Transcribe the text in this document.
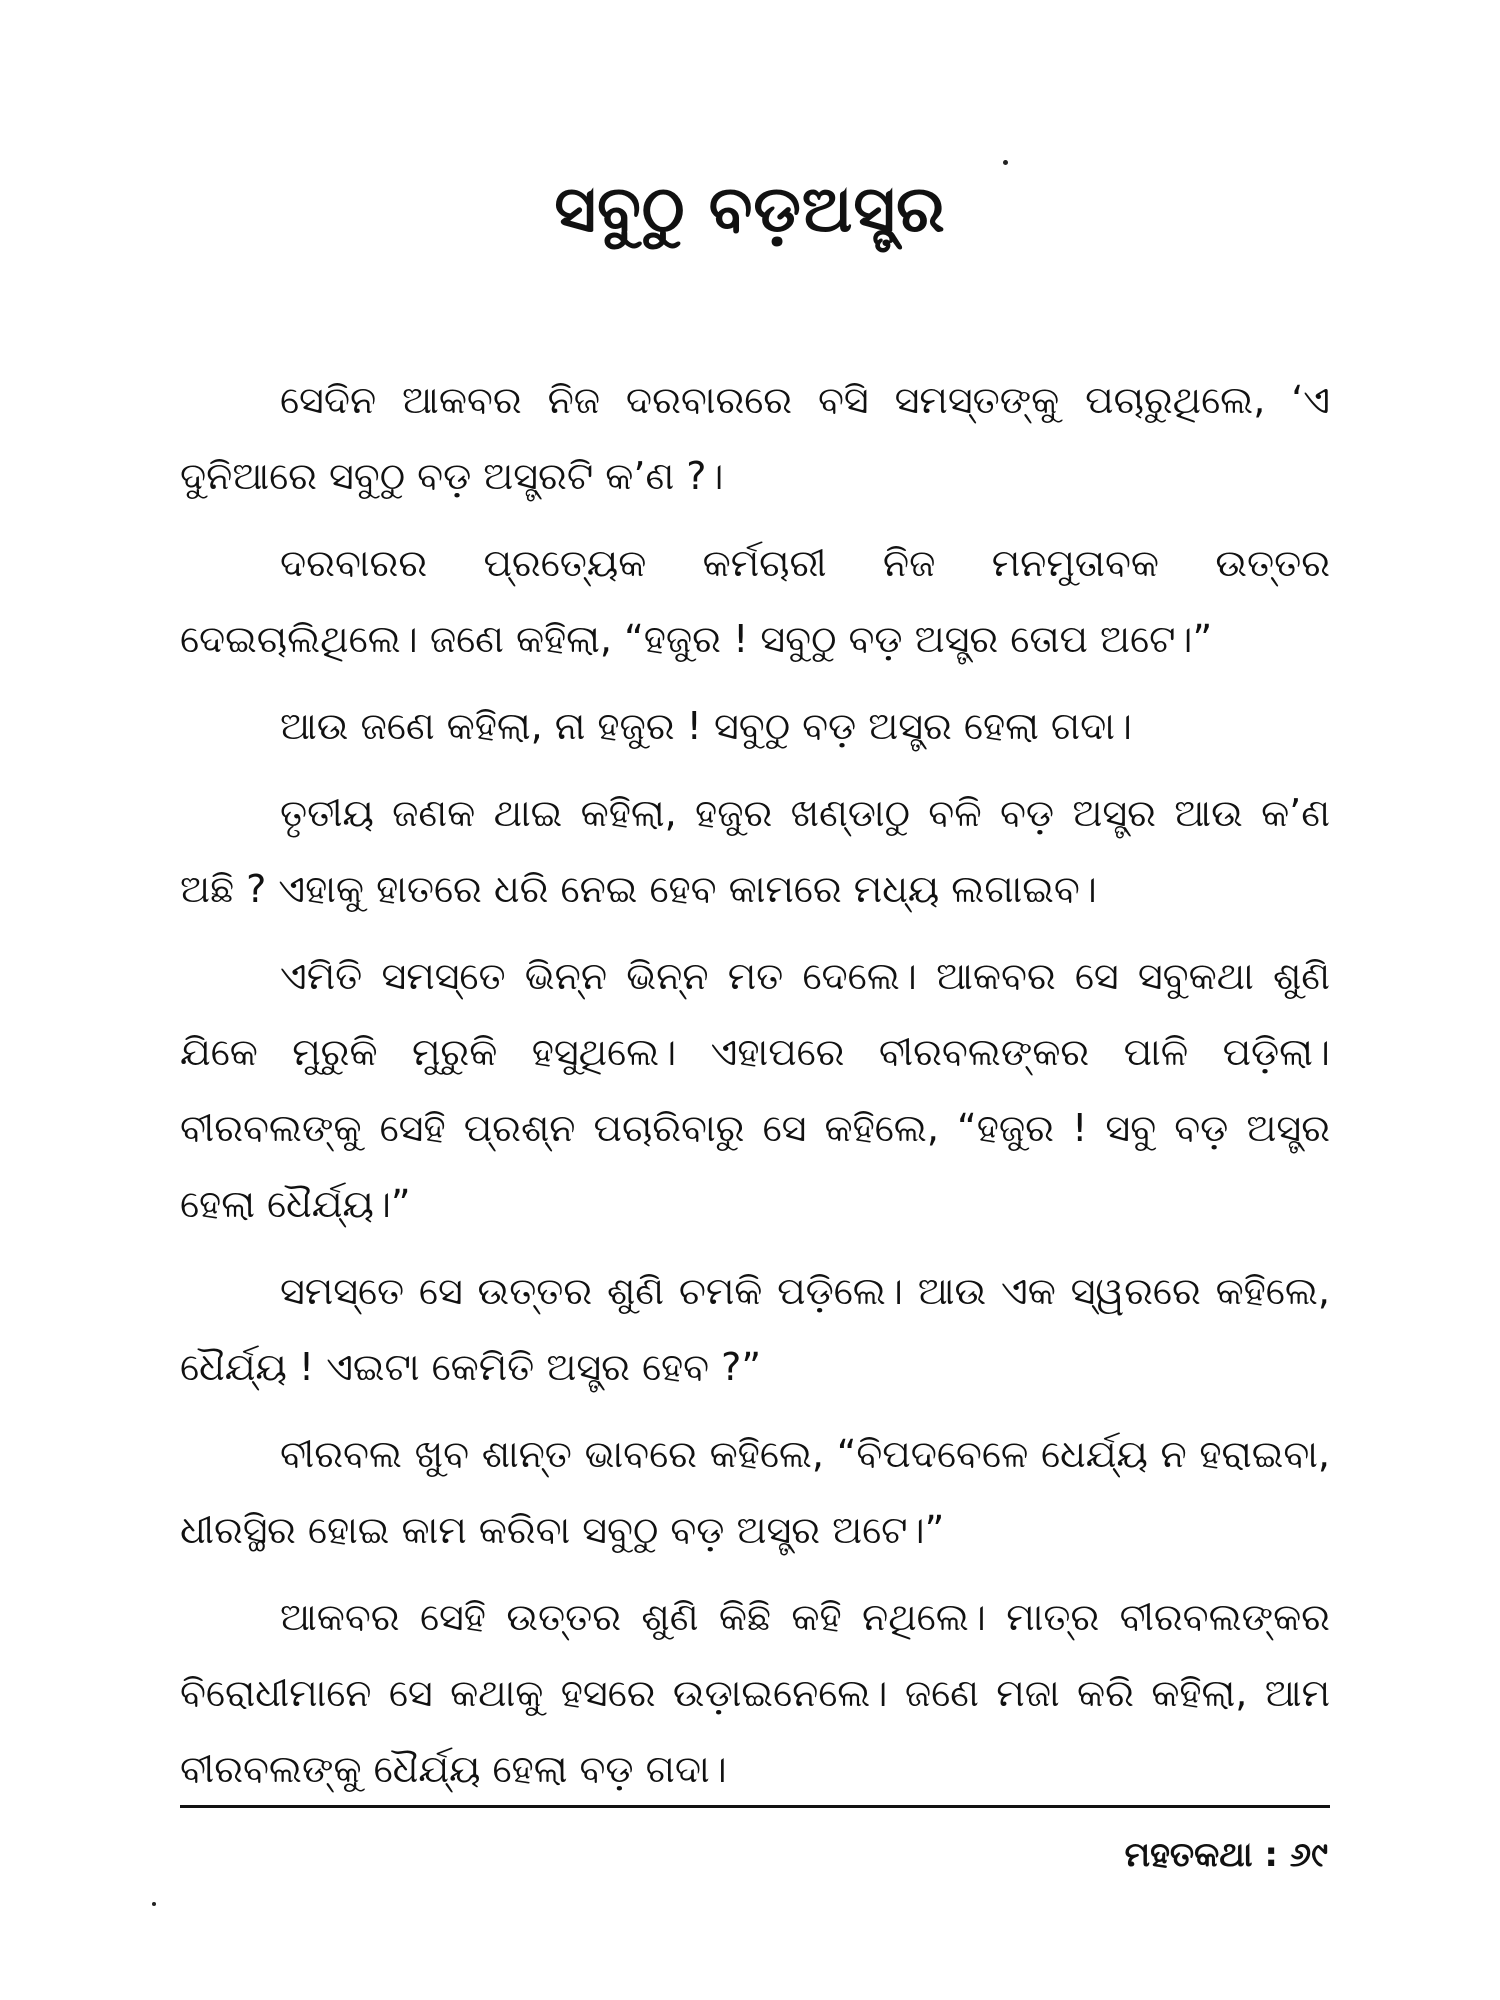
ସବୁଠୁ ବଡ଼ଅସ୍ତ୍ର

ସେଦିନ ଆକବର ନିଜ ଦରବାରରେ ବସି ସମସ୍ତଙ୍କୁ ପଚାରୁଥିଲେ, ‘ଏ ଦୁନିଆରେ ସବୁଠୁ ବଡ଼ ଅସ୍ତ୍ରଟି କ’ଣ ?।

ଦରବାରର ପ୍ରତ୍ୟେକ କର୍ମଚାରୀ ନିଜ ମନମୁତାବକ ଉତ୍ତର ଦେଇଚାଲିଥିଲେ। ଜଣେ କହିଲା, “ହଜୁର ! ସବୁଠୁ ବଡ଼ ଅସ୍ତ୍ର ତୋପ ଅଟେ।”

ଆଉ ଜଣେ କହିଲା, ନା ହଜୁର ! ସବୁଠୁ ବଡ଼ ଅସ୍ତ୍ର ହେଲା ଗଦା।

ତୃତୀୟ ଜଣକ ଥାଇ କହିଲା, ହଜୁର ଖଣ୍ଡାଠୁ ବଳି ବଡ଼ ଅସ୍ତ୍ର ଆଉ କ’ଣ ଅଛି ? ଏହାକୁ ହାତରେ ଧରି ନେଇ ହେବ କାମରେ ମଧ୍ୟ ଲଗାଇବ।

ଏମିତି ସମସ୍ତେ ଭିନ୍ନ ଭିନ୍ନ ମତ ଦେଲେ। ଆକବର ସେ ସବୁକଥା ଶୁଣି ଯିକେ ମୁରୁକି ମୁରୁକି ହସୁଥିଲେ। ଏହାପରେ ବୀରବଲଙ୍କର ପାଳି ପଡ଼ିଲା। ବୀରବଲଙ୍କୁ ସେହି ପ୍ରଶ୍ନ ପଚାରିବାରୁ ସେ କହିଲେ, “ହଜୁର ! ସବୁ ବଡ଼ ଅସ୍ତ୍ର ହେଲା ଧୈର୍ଯ୍ୟ।”

ସମସ୍ତେ ସେ ଉତ୍ତର ଶୁଣି ଚମକି ପଡ଼ିଲେ। ଆଉ ଏକ ସ୍ୱରରେ କହିଲେ, ଧୈର୍ଯ୍ୟ ! ଏଇଟା କେମିତି ଅସ୍ତ୍ର ହେବ ?”

ବୀରବଲ ଖୁବ ଶାନ୍ତ ଭାବରେ କହିଲେ, “ବିପଦବେଳେ ଧେର୍ଯ୍ୟ ନ ହରାଇବା, ଧୀରସ୍ଥିର ହୋଇ କାମ କରିବା ସବୁଠୁ ବଡ଼ ଅସ୍ତ୍ର ଅଟେ।”

ଆକବର ସେହି ଉତ୍ତର ଶୁଣି କିଛି କହି ନଥିଲେ। ମାତ୍ର ବୀରବଲଙ୍କର ବିରୋଧୀମାନେ ସେ କଥାକୁ ହସରେ ଉଡ଼ାଇନେଲେ। ଜଣେ ମଜା କରି କହିଲା, ଆମ ବୀରବଲଙ୍କୁ ଧୈର୍ଯ୍ୟ ହେଲା ବଡ଼ ଗଦା।

ମହତକଥା : ୬୯
